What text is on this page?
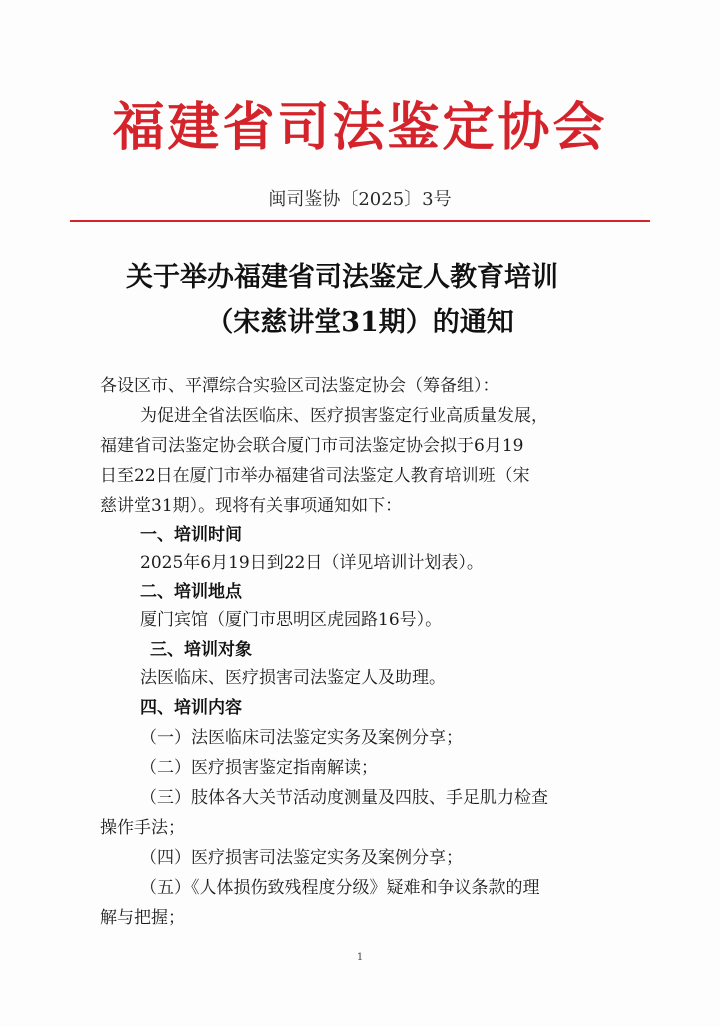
福建省司法鉴定协会
闽司鉴协〔2025〕3号
关于举办福建省司法鉴定人教育培训
（宋慈讲堂31期）的通知
各设区市、平潭综合实验区司法鉴定协会（筹备组）：
为促进全省法医临床、医疗损害鉴定行业高质量发展，
福建省司法鉴定协会联合厦门市司法鉴定协会拟于6月19
日至22日在厦门市举办福建省司法鉴定人教育培训班（宋
慈讲堂31期）。现将有关事项通知如下：
一、培训时间
2025年6月19日到22日（详见培训计划表）。
二、培训地点
厦门宾馆（厦门市思明区虎园路16号）。
三、培训对象
法医临床、医疗损害司法鉴定人及助理。
四、培训内容
（一）法医临床司法鉴定实务及案例分享；
（二）医疗损害鉴定指南解读；
（三）肢体各大关节活动度测量及四肢、手足肌力检查
操作手法；
（四）医疗损害司法鉴定实务及案例分享；
（五）《人体损伤致残程度分级》疑难和争议条款的理
解与把握；
1
